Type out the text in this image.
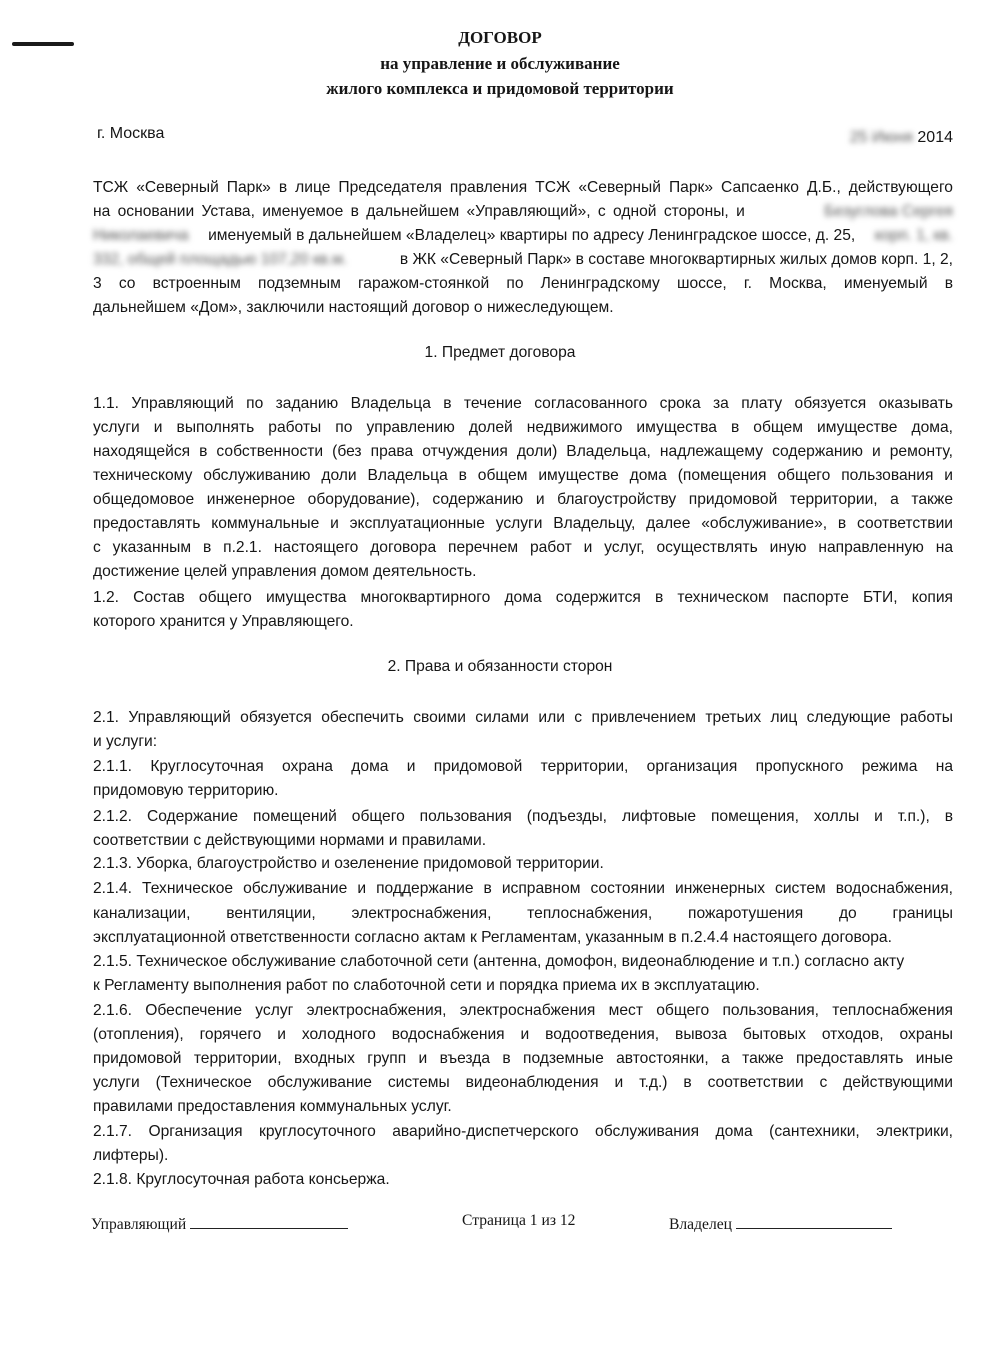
ДОГОВОР
на управление и обслуживание
жилого комплекса и придомовой территории
г. Москва	25 Июня 2014
ТСЖ «Северный Парк» в лице Председателя правления ТСЖ «Северный Парк» Сапсаенко Д.Б., действующего
на основании Устава, именуемое в дальнейшем «Управляющий», с одной стороны, и	Безуглова Сергея
Николаевича именуемый в дальнейшем «Владелец» квартиры по адресу Ленинградское шоссе, д. 25, корп. 1, кв.
332, общей площадью 107,20 кв.м.	в ЖК «Северный Парк» в составе многоквартирных жилых домов корп. 1, 2,
3 со встроенным подземным гаражом-стоянкой по Ленинградскому шоссе, г. Москва, именуемый в
дальнейшем «Дом», заключили настоящий договор о нижеследующем.
1. Предмет договора
1.1. Управляющий по заданию Владельца в течение согласованного срока за плату обязуется оказывать
услуги и выполнять работы по управлению долей недвижимого имущества в общем имуществе дома,
находящейся в собственности (без права отчуждения доли) Владельца, надлежащему содержанию и ремонту,
техническому обслуживанию доли Владельца в общем имуществе дома (помещения общего пользования и
общедомовое инженерное оборудование), содержанию и благоустройству придомовой территории, а также
предоставлять коммунальные и эксплуатационные услуги Владельцу, далее «обслуживание», в соответствии
с указанным в п.2.1. настоящего договора перечнем работ и услуг, осуществлять иную направленную на
достижение целей управления домом деятельность.
1.2. Состав общего имущества многоквартирного дома содержится в техническом паспорте БТИ, копия
которого хранится у Управляющего.
2. Права и обязанности сторон
2.1. Управляющий обязуется обеспечить своими силами или с привлечением третьих лиц следующие работы
и услуги:
2.1.1. Круглосуточная охрана дома и придомовой территории, организация пропускного режима на
придомовую территорию.
2.1.2. Содержание помещений общего пользования (подъезды, лифтовые помещения, холлы и т.п.), в
соответствии с действующими нормами и правилами.
2.1.3. Уборка, благоустройство и озеленение придомовой территории.
2.1.4. Техническое обслуживание и поддержание в исправном состоянии инженерных систем водоснабжения,
канализации, вентиляции, электроснабжения, теплоснабжения, пожаротушения до границы
эксплуатационной ответственности согласно актам к Регламентам, указанным в п.2.4.4 настоящего договора.
2.1.5. Техническое обслуживание слаботочной сети (антенна, домофон, видеонаблюдение и т.п.) согласно акту
к Регламенту выполнения работ по слаботочной сети и порядка приема их в эксплуатацию.
2.1.6. Обеспечение услуг электроснабжения, электроснабжения мест общего пользования, теплоснабжения
(отопления), горячего и холодного водоснабжения и водоотведения, вывоза бытовых отходов, охраны
придомовой территории, входных групп и въезда в подземные автостоянки, а также предоставлять иные
услуги (Техническое обслуживание системы видеонаблюдения и т.д.) в соответствии с действующими
правилами предоставления коммунальных услуг.
2.1.7. Организация круглосуточного аварийно-диспетчерского обслуживания дома (сантехники, электрики,
лифтеры).
2.1.8. Круглосуточная работа консьержа.
Управляющий	Страница 1 из 12	Владелец
